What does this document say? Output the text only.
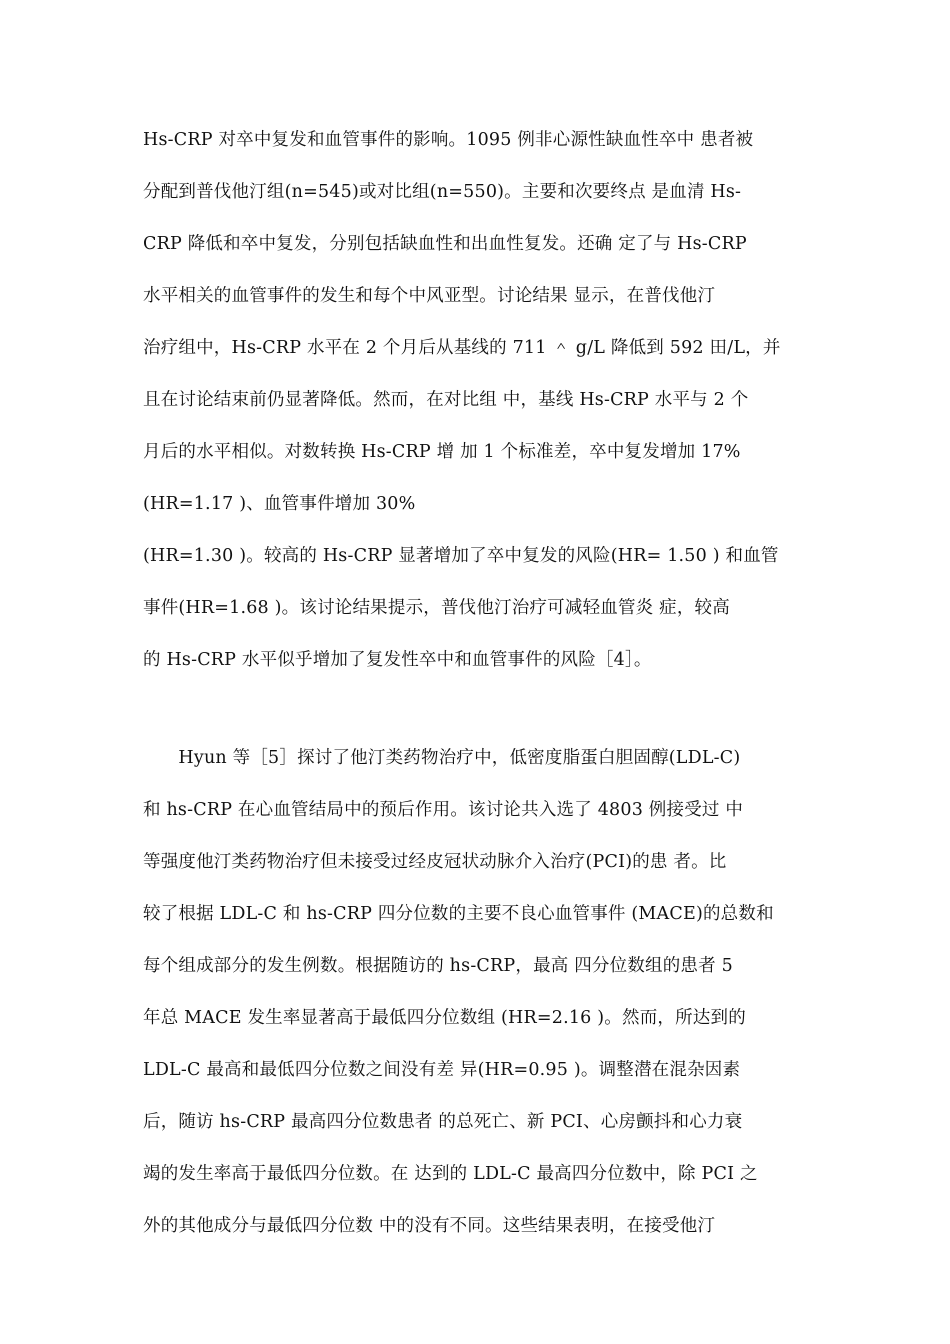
Hs-CRP 对卒中复发和血管事件的影响。1095 例非心源性缺血性卒中 患者被
分配到普伐他汀组(n=545)或对比组(n=550)。主要和次要终点 是血清 Hs-
CRP 降低和卒中复发，分别包括缺血性和出血性复发。还确 定了与 Hs-CRP
水平相关的血管事件的发生和每个中风亚型。讨论结果 显示，在普伐他汀
治疗组中，Hs-CRP 水平在 2 个月后从基线的 711 ＾ g/L 降低到 592 田/L，并
且在讨论结束前仍显著降低。然而，在对比组 中，基线 Hs-CRP 水平与 2 个
月后的水平相似。对数转换 Hs-CRP 增 加 1 个标准差，卒中复发增加 17%
(HR=1.17 )、血管事件增加 30%
(HR=1.30 )。较高的 Hs-CRP 显著增加了卒中复发的风险(HR= 1.50 ) 和血管
事件(HR=1.68 )。该讨论结果提示，普伐他汀治疗可减轻血管炎 症，较高
的 Hs-CRP 水平似乎增加了复发性卒中和血管事件的风险［4］。
　　Hyun 等［5］探讨了他汀类药物治疗中，低密度脂蛋白胆固醇(LDL-C)
和 hs-CRP 在心血管结局中的预后作用。该讨论共入选了 4803 例接受过 中
等强度他汀类药物治疗但未接受过经皮冠状动脉介入治疗(PCI)的患 者。比
较了根据 LDL-C 和 hs-CRP 四分位数的主要不良心血管事件 (MACE)的总数和
每个组成部分的发生例数。根据随访的 hs-CRP，最高 四分位数组的患者 5
年总 MACE 发生率显著高于最低四分位数组 (HR=2.16 )。然而，所达到的
LDL-C 最高和最低四分位数之间没有差 异(HR=0.95 )。调整潜在混杂因素
后，随访 hs-CRP 最高四分位数患者 的总死亡、新 PCI、心房颤抖和心力衰
竭的发生率高于最低四分位数。在 达到的 LDL-C 最高四分位数中，除 PCI 之
外的其他成分与最低四分位数 中的没有不同。这些结果表明，在接受他汀
